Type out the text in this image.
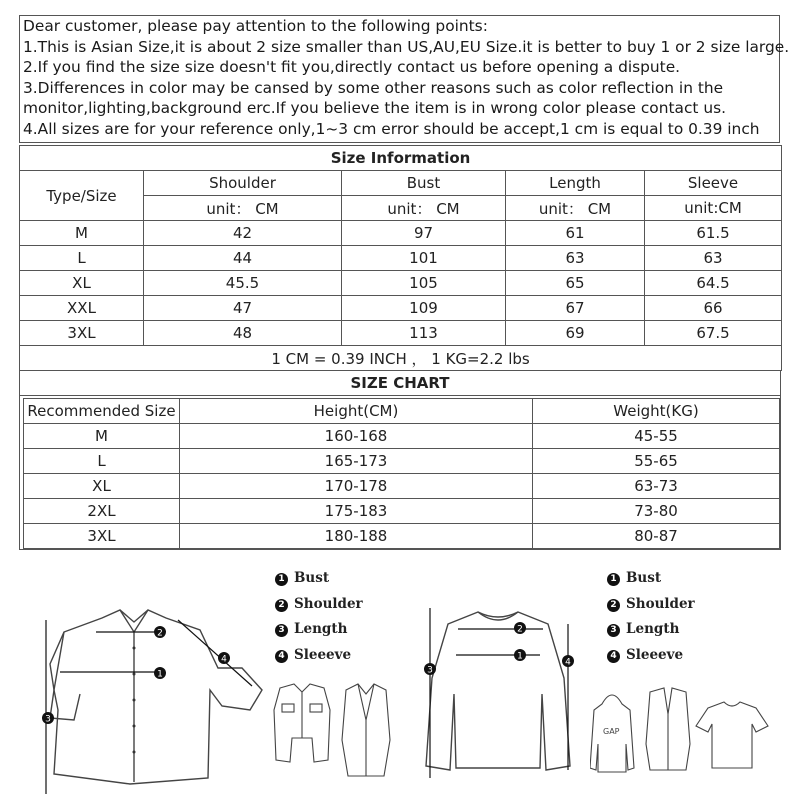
Dear customer, please pay attention to the following points:
1.This is Asian Size,it is about 2 size smaller than US,AU,EU Size.it is better to buy 1 or 2 size large.
2.If you find the size size doesn't fit you,directly contact us before opening a dispute.
3.Differences in color may be cansed by some other reasons such as color reflection in the
monitor,lighting,background erc.If you believe the item is in wrong color please contact us.
4.All sizes are for your reference only,1~3 cm error should be accept,1 cm is equal to 0.39 inch
Size Information				
Type/Size	Shoulder	Bust	Length	Sleeve
	unit： CM	unit： CM	unit： CM	unit:CM
M	42	97	61	61.5
L	44	101	63	63
XL	45.5	105	65	64.5
XXL	47	109	67	66
3XL	48	113	69	67.5
1 CM = 0.39 INCH ， 1 KG=2.2 lbs				
SIZE CHART
Recommended Size	Height(CM)	Weight(KG)
M	160-168	45-55
L	165-173	55-65
XL	170-178	63-73
2XL	175-183	73-80
3XL	180-188	80-87
1 Bust
2 Shoulder
3 Length
4 Sleeeve
1 Bust
2 Shoulder
3 Length
4 Sleeeve
2
1
3
4
2
1
3
4
GAP
